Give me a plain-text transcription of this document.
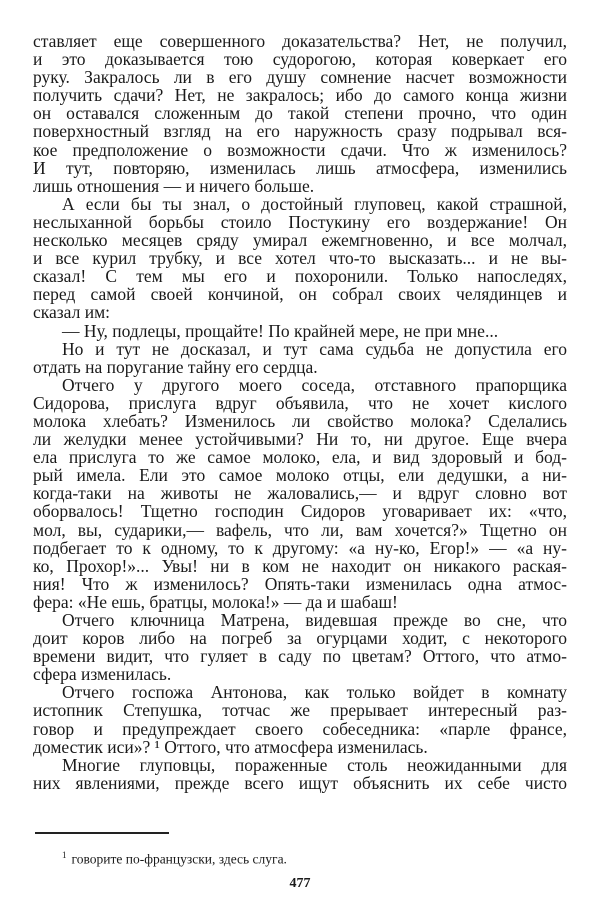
ставляет еще совершенного доказательства? Нет, не получил,
и это доказывается тою судорогою, которая коверкает его
руку. Закралось ли в его душу сомнение насчет возможности
получить сдачи? Нет, не закралось; ибо до самого конца жизни
он оставался сложенным до такой степени прочно, что один
поверхностный взгляд на его наружность сразу подрывал вся-
кое предположение о возможности сдачи. Что ж изменилось?
И тут, повторяю, изменилась лишь атмосфера, изменились
лишь отношения — и ничего больше.
А если бы ты знал, о достойный глуповец, какой страшной,
неслыханной борьбы стоило Постукину его воздержание! Он
несколько месяцев сряду умирал ежемгновенно, и все молчал,
и все курил трубку, и все хотел что-то высказать... и не вы-
сказал! С тем мы его и похоронили. Только напоследях,
перед самой своей кончиной, он собрал своих челядинцев и
сказал им:
— Ну, подлецы, прощайте! По крайней мере, не при мне...
Но и тут не досказал, и тут сама судьба не допустила его
отдать на поругание тайну его сердца.
Отчего у другого моего соседа, отставного прапорщика
Сидорова, прислуга вдруг объявила, что не хочет кислого
молока хлебать? Изменилось ли свойство молока? Сделались
ли желудки менее устойчивыми? Ни то, ни другое. Еще вчера
ела прислуга то же самое молоко, ела, и вид здоровый и бод-
рый имела. Ели это самое молоко отцы, ели дедушки, а ни-
когда-таки на животы не жаловались,— и вдруг словно вот
оборвалось! Тщетно господин Сидоров уговаривает их: «что,
мол, вы, сударики,— вафель, что ли, вам хочется?» Тщетно он
подбегает то к одному, то к другому: «а ну-ко, Егор!» — «а ну-
ко, Прохор!»... Увы! ни в ком не находит он никакого раская-
ния! Что ж изменилось? Опять-таки изменилась одна атмос-
фера: «Не ешь, братцы, молока!» — да и шабаш!
Отчего ключница Матрена, видевшая прежде во сне, что
доит коров либо на погреб за огурцами ходит, с некоторого
времени видит, что гуляет в саду по цветам? Оттого, что атмо-
сфера изменилась.
Отчего госпожа Антонова, как только войдет в комнату
истопник Степушка, тотчас же прерывает интересный раз-
говор и предупреждает своего собеседника: «парле франсе,
доместик иси»? ¹ Оттого, что атмосфера изменилась.
Многие глуповцы, пораженные столь неожиданными для
них явлениями, прежде всего ищут объяснить их себе чисто
$^1$ говорите по-французски, здесь слуга.
477
